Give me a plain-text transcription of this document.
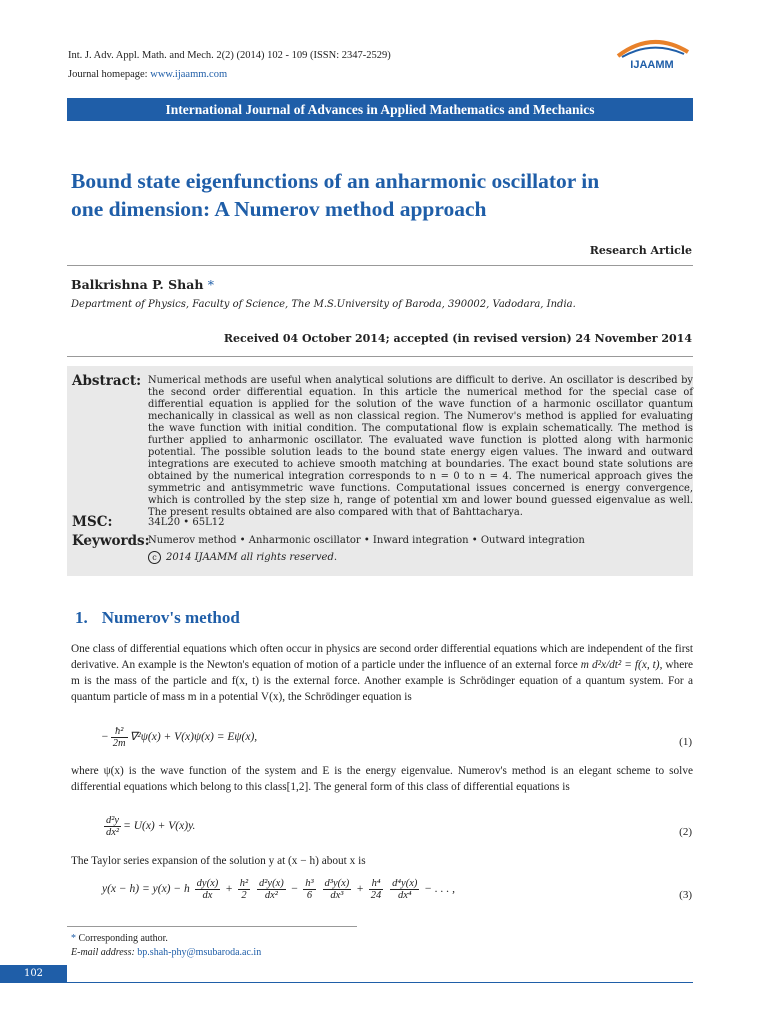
Int. J. Adv. Appl. Math. and Mech. 2(2) (2014) 102 - 109 (ISSN: 2347-2529)
Journal homepage: www.ijaamm.com
IJAAMM
International Journal of Advances in Applied Mathematics and Mechanics
Bound state eigenfunctions of an anharmonic oscillator in
one dimension: A Numerov method approach
Research Article
Balkrishna P. Shah *
Department of Physics, Faculty of Science, The M.S.University of Baroda, 390002, Vadodara, India.
Received 04 October 2014; accepted (in revised version) 24 November 2014
Abstract: Numerical methods are useful when analytical solutions are difficult to derive. An oscillator is described by the second order differential equation. In this article the numerical method for the special case of differential equation is applied for the solution of the wave function of a harmonic oscillator quantum mechanically in classical as well as non classical region. The Numerov's method is applied for evaluating the wave function with initial condition. The computational flow is explain schematically. The method is further applied to anharmonic oscillator. The evaluated wave function is plotted along with harmonic potential. The possible solution leads to the bound state energy eigen values. The inward and outward integrations are executed to achieve smooth matching at boundaries. The exact bound state solutions are obtained by the numerical integration corresponds to n = 0 to n = 4. The numerical approach gives the symmetric and antisymmetric wave functions. Computational issues concerned is energy convergence, which is controlled by the step size h, range of potential xm and lower bound guessed eigenvalue as well. The present results obtained are also compared with that of Bahttacharya.
MSC:	34L20 • 65L12
Keywords:
Numerov method • Anharmonic oscillator • Inward integration • Outward integration
c 2014 IJAAMM all rights reserved.
1. Numerov's method
One class of differential equations which often occur in physics are second order differential equations which are independent of the first derivative. An example is the Newton's equation of motion of a particle under the influence of an external force m d²x/dt² = f(x, t), where m is the mass of the particle and f(x, t) is the external force. Another example is Schrödinger equation of a quantum system. For a quantum particle of mass m in a potential V(x), the Schrödinger equation is
− $\frac{\text{ħ²}}{2m} \nabla^2\psi(x) + V(x)\psi(x) = E\psi(x)$,	(1)
where ψ(x) is the wave function of the system and E is the energy eigenvalue. Numerov's method is an elegant scheme to solve differential equations which belong to this class[1,2]. The general form of this class of differential equations is
$\frac{\text{d²y}}{\text{dx²}} = U(x) + V(x)y$.	(2)
The Taylor series expansion of the solution y at (x − h) about x is
y(x − h) = y(x) − h $\frac{dy(x)}{dx} + \frac{\text{h²}}{2}$
$\frac{\text{d²y(x)}}{\text{dx²}} - \frac{\text{h³}}{6}$
$\frac{\text{d³y(x)}}{\text{dx³}} + \frac{\text{h⁴}}{24}$
$\frac{\text{d⁴y(x)}}{\text{dx⁴}}$ − . . . ,	(3)
* Corresponding author.
E-mail address: bp.shah-phy@msubaroda.ac.in
102
